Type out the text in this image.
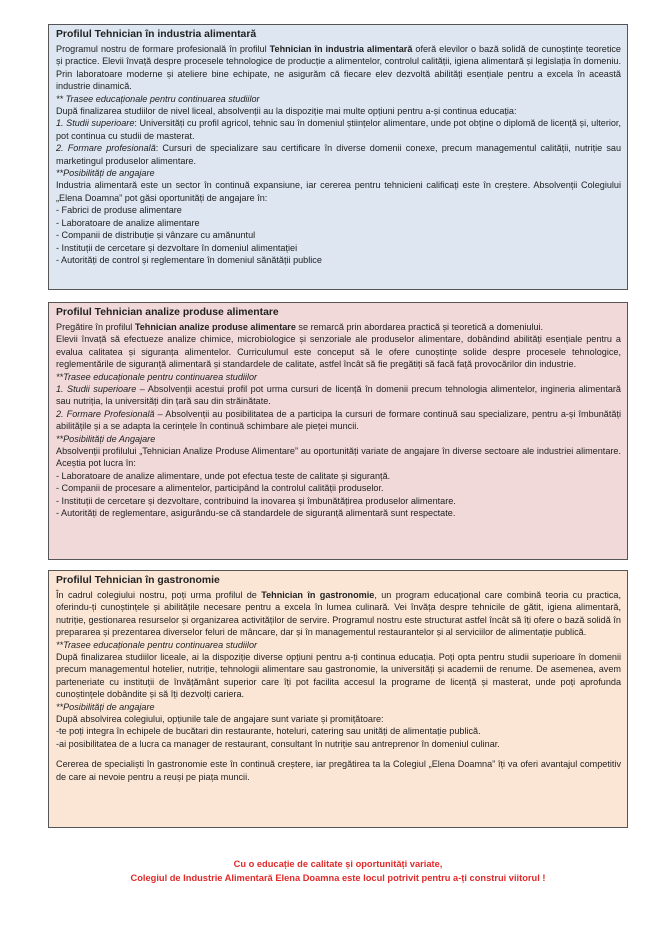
Profilul Tehnician în industria alimentară

Programul nostru de formare profesională în profilul Tehnician în industria alimentară oferă elevilor o bază solidă de cunoștințe teoretice și practice. Elevii învață despre procesele tehnologice de producție a alimentelor, controlul calității, igiena alimentară și legislația în domeniu. Prin laboratoare moderne și ateliere bine echipate, ne asigurăm că fiecare elev dezvoltă abilități esențiale pentru a excela în această industrie dinamică.

** Trasee educaționale pentru continuarea studiilor

După finalizarea studiilor de nivel liceal, absolvenții au la dispoziție mai multe opțiuni pentru a-și continua educația:

1. Studii superioare: Universități cu profil agricol, tehnic sau în domeniul științelor alimentare, unde pot obține o diplomă de licență și, ulterior, pot continua cu studii de masterat.

2. Formare profesională: Cursuri de specializare sau certificare în diverse domenii conexe, precum managementul calității, nutriție sau marketingul produselor alimentare.

**Posibilități de angajare

Industria alimentară este un sector în continuă expansiune, iar cererea pentru tehnicieni calificați este în creștere. Absolvenții Colegiului „Elena Doamna” pot găsi oportunități de angajare în:

- Fabrici de produse alimentare

- Laboratoare de analize alimentare

- Companii de distribuție și vânzare cu amănuntul

- Instituții de cercetare și dezvoltare în domeniul alimentației

- Autorități de control și reglementare în domeniul sănătății publice

Profilul Tehnician analize produse alimentare

Pregătire în profilul Tehnician analize produse alimentare se remarcă prin abordarea practică și teoretică a domeniului.

Elevii învață să efectueze analize chimice, microbiologice și senzoriale ale produselor alimentare, dobândind abilități esențiale pentru a evalua calitatea și siguranța alimentelor. Curriculumul este conceput să le ofere cunoștințe solide despre procesele tehnologice, reglementările de siguranță alimentară și standardele de calitate, astfel încât să fie pregătiți să facă față provocărilor din industrie.

**Trasee educaționale pentru continuarea studiilor

1. Studii superioare – Absolvenții acestui profil pot urma cursuri de licență în domenii precum tehnologia alimentelor, ingineria alimentară sau nutriția, la universități din țară sau din străinătate.

2. Formare Profesională – Absolvenții au posibilitatea de a participa la cursuri de formare continuă sau specializare, pentru a-și îmbunătăți abilitățile și a se adapta la cerințele în continuă schimbare ale pieței muncii.

**Posibilități de Angajare

Absolvenții profilului „Tehnician Analize Produse Alimentare” au oportunități variate de angajare în diverse sectoare ale industriei alimentare. Aceștia pot lucra în:

- Laboratoare de analize alimentare, unde pot efectua teste de calitate și siguranță.

- Companii de procesare a alimentelor, participând la controlul calității produselor.

- Instituții de cercetare și dezvoltare, contribuind la inovarea și îmbunătățirea produselor alimentare.

- Autorități de reglementare, asigurându-se că standardele de siguranță alimentară sunt respectate.

Profilul Tehnician în gastronomie

În cadrul colegiului nostru, poți urma profilul de Tehnician în gastronomie, un program educațional care combină teoria cu practica, oferindu-ți cunoștințele și abilitățile necesare pentru a excela în lumea culinară. Vei învăța despre tehnicile de gătit, igiena alimentară, nutriție, gestionarea resurselor și organizarea activităților de servire. Programul nostru este structurat astfel încât să îți ofere o bază solidă în prepararea și prezentarea diverselor feluri de mâncare, dar și în managementul restaurantelor și al serviciilor de alimentație publică.

**Trasee educaționale pentru continuarea studiilor

După finalizarea studiilor liceale, ai la dispoziție diverse opțiuni pentru a-ți continua educația. Poți opta pentru studii superioare în domenii precum managementul hotelier, nutriție, tehnologii alimentare sau gastronomie, la universități și academii de renume. De asemenea, avem parteneriate cu instituții de învățământ superior care îți pot facilita accesul la programe de licență și masterat, unde poți aprofunda cunoștințele dobândite și să îți dezvolți cariera.

**Posibilități de angajare

După absolvirea colegiului, opțiunile tale de angajare sunt variate și promițătoare:

-te poți integra în echipele de bucătari din restaurante, hoteluri, catering sau unități de alimentație publică.

-ai posibilitatea de a lucra ca manager de restaurant, consultant în nutriție sau antreprenor în domeniul culinar.

Cererea de specialiști în gastronomie este în continuă creștere, iar pregătirea ta la Colegiul „Elena Doamna” îți va oferi avantajul competitiv de care ai nevoie pentru a reuși pe piața muncii.

Cu o educație de calitate și oportunități variate,

Colegiul de Industrie Alimentară Elena Doamna este locul potrivit pentru a-ți construi viitorul !
